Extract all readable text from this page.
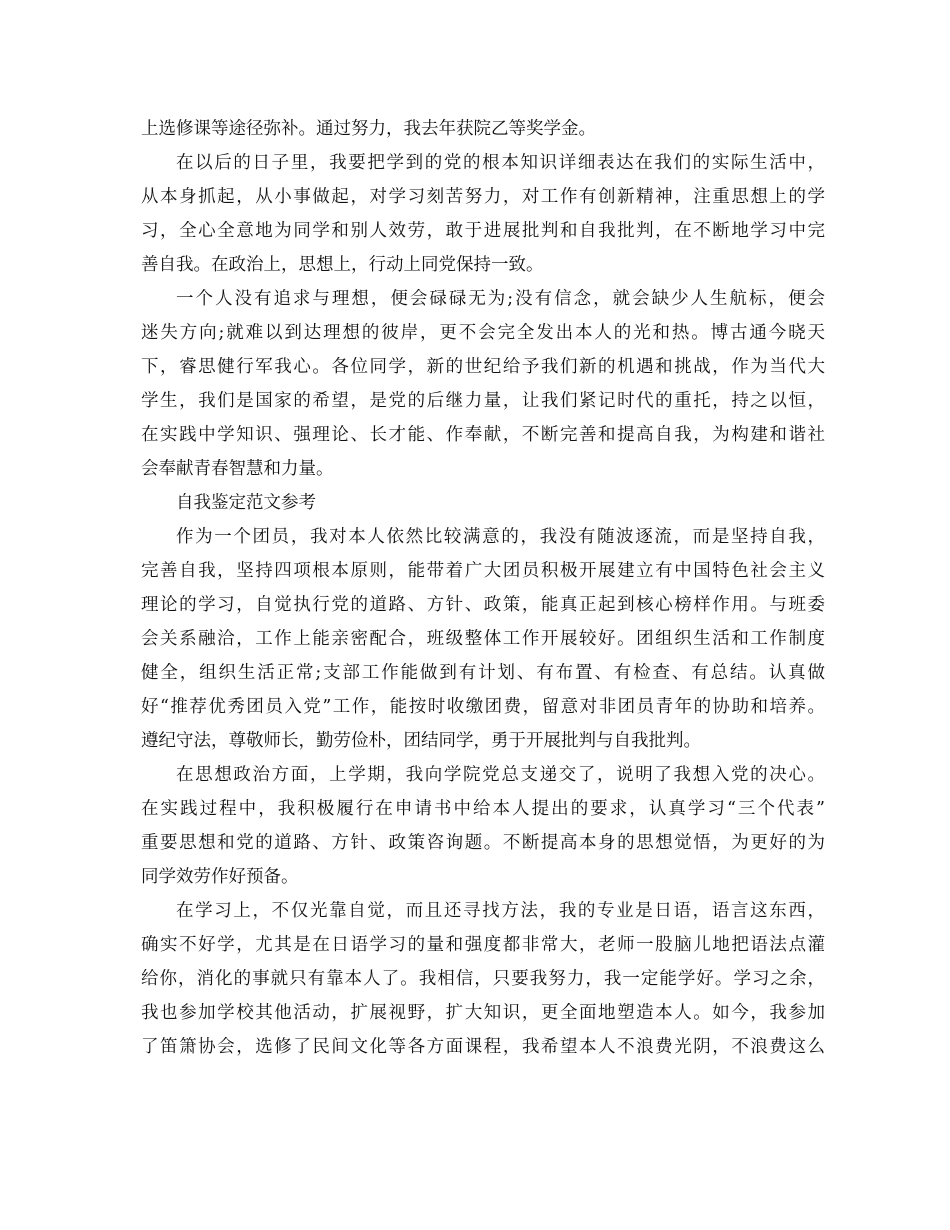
上选修课等途径弥补。通过努力，我去年获院乙等奖学金。
在以后的日子里，我要把学到的党的根本知识详细表达在我们的实际生活中，
从本身抓起，从小事做起，对学习刻苦努力，对工作有创新精神，注重思想上的学
习，全心全意地为同学和别人效劳，敢于进展批判和自我批判，在不断地学习中完
善自我。在政治上，思想上，行动上同党保持一致。
一个人没有追求与理想，便会碌碌无为;没有信念，就会缺少人生航标，便会
迷失方向;就难以到达理想的彼岸，更不会完全发出本人的光和热。博古通今晓天
下，睿思健行军我心。各位同学，新的世纪给予我们新的机遇和挑战，作为当代大
学生，我们是国家的希望，是党的后继力量，让我们紧记时代的重托，持之以恒，
在实践中学知识、强理论、长才能、作奉献，不断完善和提高自我，为构建和谐社
会奉献青春智慧和力量。
自我鉴定范文参考
作为一个团员，我对本人依然比较满意的，我没有随波逐流，而是坚持自我，
完善自我，坚持四项根本原则，能带着广大团员积极开展建立有中国特色社会主义
理论的学习，自觉执行党的道路、方针、政策，能真正起到核心榜样作用。与班委
会关系融洽，工作上能亲密配合，班级整体工作开展较好。团组织生活和工作制度
健全，组织生活正常;支部工作能做到有计划、有布置、有检查、有总结。认真做
好“推荐优秀团员入党”工作，能按时收缴团费，留意对非团员青年的协助和培养。
遵纪守法，尊敬师长，勤劳俭朴，团结同学，勇于开展批判与自我批判。
在思想政治方面，上学期，我向学院党总支递交了，说明了我想入党的决心。
在实践过程中，我积极履行在申请书中给本人提出的要求，认真学习“三个代表”
重要思想和党的道路、方针、政策咨询题。不断提高本身的思想觉悟，为更好的为
同学效劳作好预备。
在学习上，不仅光靠自觉，而且还寻找方法，我的专业是日语，语言这东西，
确实不好学，尤其是在日语学习的量和强度都非常大，老师一股脑儿地把语法点灌
给你，消化的事就只有靠本人了。我相信，只要我努力，我一定能学好。学习之余，
我也参加学校其他活动，扩展视野，扩大知识，更全面地塑造本人。如今，我参加
了笛箫协会，选修了民间文化等各方面课程，我希望本人不浪费光阴，不浪费这么
